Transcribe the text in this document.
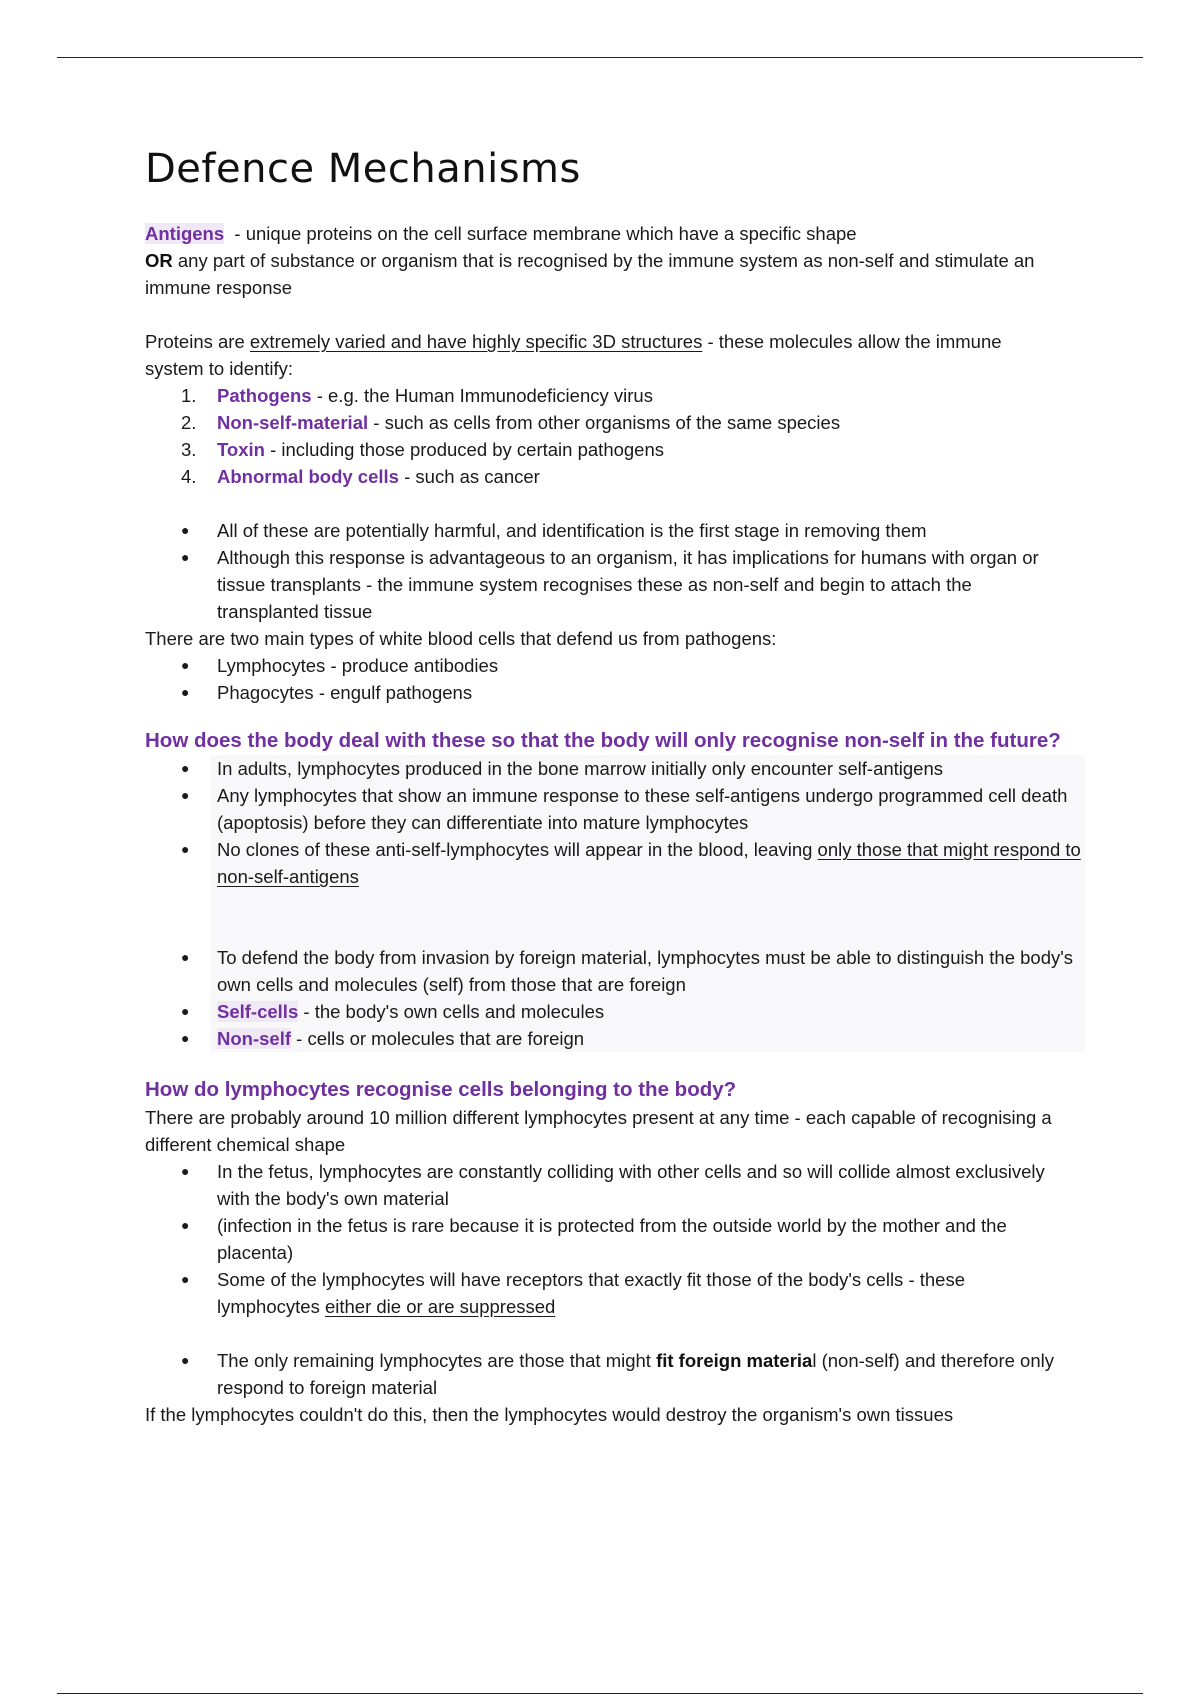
Defence Mechanisms

Antigens - unique proteins on the cell surface membrane which have a specific shape

OR any part of substance or organism that is recognised by the immune system as non-self and stimulate an immune response

Proteins are extremely varied and have highly specific 3D structures - these molecules allow the immune system to identify:

1. Pathogens - e.g. the Human Immunodeficiency virus
2. Non-self-material - such as cells from other organisms of the same species
3. Toxin - including those produced by certain pathogens
4. Abnormal body cells - such as cancer
● All of these are potentially harmful, and identification is the first stage in removing them
● Although this response is advantageous to an organism, it has implications for humans with organ or tissue transplants - the immune system recognises these as non-self and begin to attach the transplanted tissue

There are two main types of white blood cells that defend us from pathogens:

● Lymphocytes - produce antibodies
● Phagocytes - engulf pathogens

How does the body deal with these so that the body will only recognise non-self in the future?

● In adults, lymphocytes produced in the bone marrow initially only encounter self-antigens
● Any lymphocytes that show an immune response to these self-antigens undergo programmed cell death (apoptosis) before they can differentiate into mature lymphocytes
● No clones of these anti-self-lymphocytes will appear in the blood, leaving only those that might respond to non-self-antigens
● To defend the body from invasion by foreign material, lymphocytes must be able to distinguish the body's own cells and molecules (self) from those that are foreign
● Self-cells - the body's own cells and molecules
● Non-self - cells or molecules that are foreign

How do lymphocytes recognise cells belonging to the body?

There are probably around 10 million different lymphocytes present at any time - each capable of recognising a different chemical shape

● In the fetus, lymphocytes are constantly colliding with other cells and so will collide almost exclusively with the body's own material
● (infection in the fetus is rare because it is protected from the outside world by the mother and the placenta)
● Some of the lymphocytes will have receptors that exactly fit those of the body's cells - these lymphocytes either die or are suppressed
● The only remaining lymphocytes are those that might fit foreign material (non-self) and therefore only respond to foreign material

If the lymphocytes couldn't do this, then the lymphocytes would destroy the organism's own tissues
